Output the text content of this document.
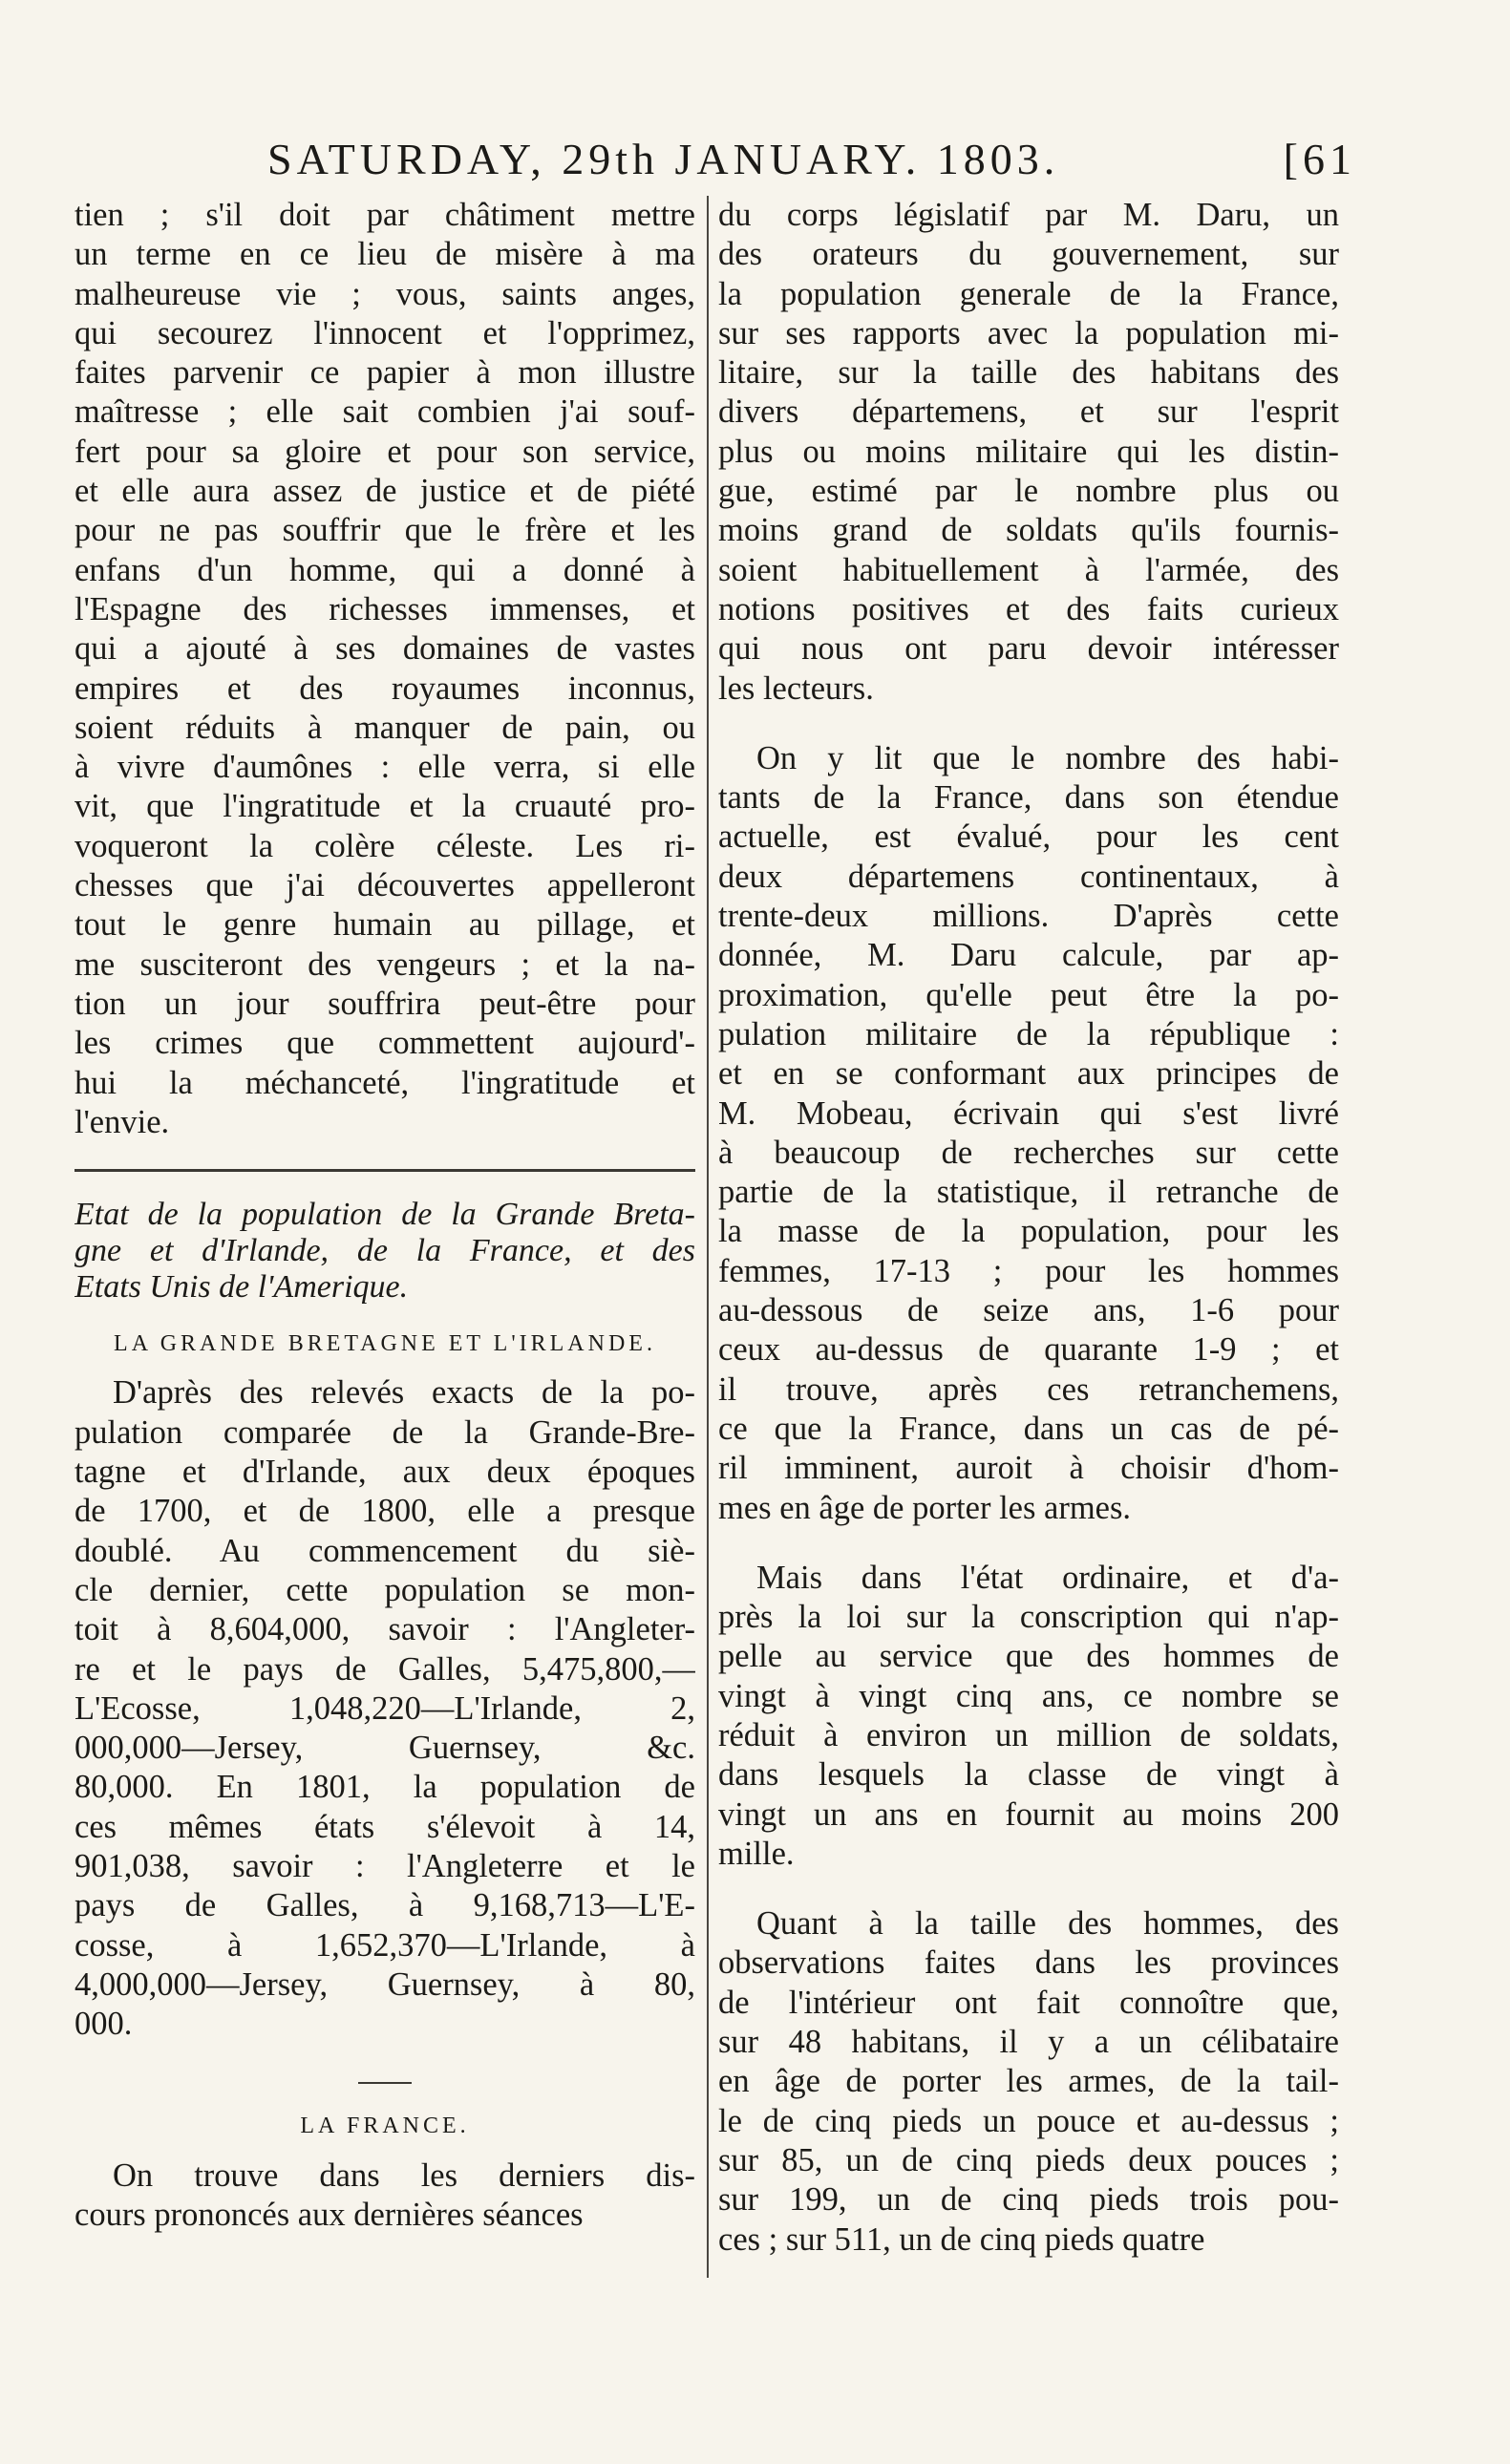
SATURDAY, 29th JANUARY. 1803.	[61

tien ; s'il doit par châtiment mettre
un terme en ce lieu de misère à ma
malheureuse vie ; vous, saints anges,
qui secourez l'innocent et l'opprimez,
faites parvenir ce papier à mon illustre
maîtresse ; elle sait combien j'ai souf-
fert pour sa gloire et pour son service,
et elle aura assez de justice et de piété
pour ne pas souffrir que le frère et les
enfans d'un homme, qui a donné à
l'Espagne des richesses immenses, et
qui a ajouté à ses domaines de vastes
empires et des royaumes inconnus,
soient réduits à manquer de pain, ou
à vivre d'aumônes : elle verra, si elle
vit, que l'ingratitude et la cruauté pro-
voqueront la colère céleste. Les ri-
chesses que j'ai découvertes appelleront
tout le genre humain au pillage, et
me susciteront des vengeurs ; et la na-
tion un jour souffrira peut-être pour
les crimes que commettent aujourd'-
hui la méchanceté, l'ingratitude et
l'envie.

Etat de la population de la Grande Breta-
gne et d'Irlande, de la France, et des
Etats Unis de l'Amerique.
LA GRANDE BRETAGNE ET L'IRLANDE.

D'après des relevés exacts de la po-
pulation comparée de la Grande-Bre-
tagne et d'Irlande, aux deux époques
de 1700, et de 1800, elle a presque
doublé. Au commencement du siè-
cle dernier, cette population se mon-
toit à 8,604,000, savoir : l'Angleter-
re et le pays de Galles, 5,475,800,—
L'Ecosse, 1,048,220—L'Irlande, 2,
000,000—Jersey, Guernsey, &c.
80,000. En 1801, la population de
ces mêmes états s'élevoit à 14,
901,038, savoir : l'Angleterre et le
pays de Galles, à 9,168,713—L'E-
cosse, à 1,652,370—L'Irlande, à
4,000,000—Jersey, Guernsey, à 80,
000.

LA FRANCE.

On trouve dans les derniers dis-
cours prononcés aux dernières séances

du corps législatif par M. Daru, un
des orateurs du gouvernement, sur
la population generale de la France,
sur ses rapports avec la population mi-
litaire, sur la taille des habitans des
divers départemens, et sur l'esprit
plus ou moins militaire qui les distin-
gue, estimé par le nombre plus ou
moins grand de soldats qu'ils fournis-
soient habituellement à l'armée, des
notions positives et des faits curieux
qui nous ont paru devoir intéresser
les lecteurs.

On y lit que le nombre des habi-
tants de la France, dans son étendue
actuelle, est évalué, pour les cent
deux départemens continentaux, à
trente-deux millions. D'après cette
donnée, M. Daru calcule, par ap-
proximation, qu'elle peut être la po-
pulation militaire de la république :
et en se conformant aux principes de
M. Mobeau, écrivain qui s'est livré
à beaucoup de recherches sur cette
partie de la statistique, il retranche de
la masse de la population, pour les
femmes, 17-13 ; pour les hommes
au-dessous de seize ans, 1-6 pour
ceux au-dessus de quarante 1-9 ; et
il trouve, après ces retranchemens,
ce que la France, dans un cas de pé-
ril imminent, auroit à choisir d'hom-
mes en âge de porter les armes.

Mais dans l'état ordinaire, et d'a-
près la loi sur la conscription qui n'ap-
pelle au service que des hommes de
vingt à vingt cinq ans, ce nombre se
réduit à environ un million de soldats,
dans lesquels la classe de vingt à
vingt un ans en fournit au moins 200
mille.

Quant à la taille des hommes, des
observations faites dans les provinces
de l'intérieur ont fait connoître que,
sur 48 habitans, il y a un célibataire
en âge de porter les armes, de la tail-
le de cinq pieds un pouce et au-dessus ;
sur 85, un de cinq pieds deux pouces ;
sur 199, un de cinq pieds trois pou-
ces ; sur 511, un de cinq pieds quatre
